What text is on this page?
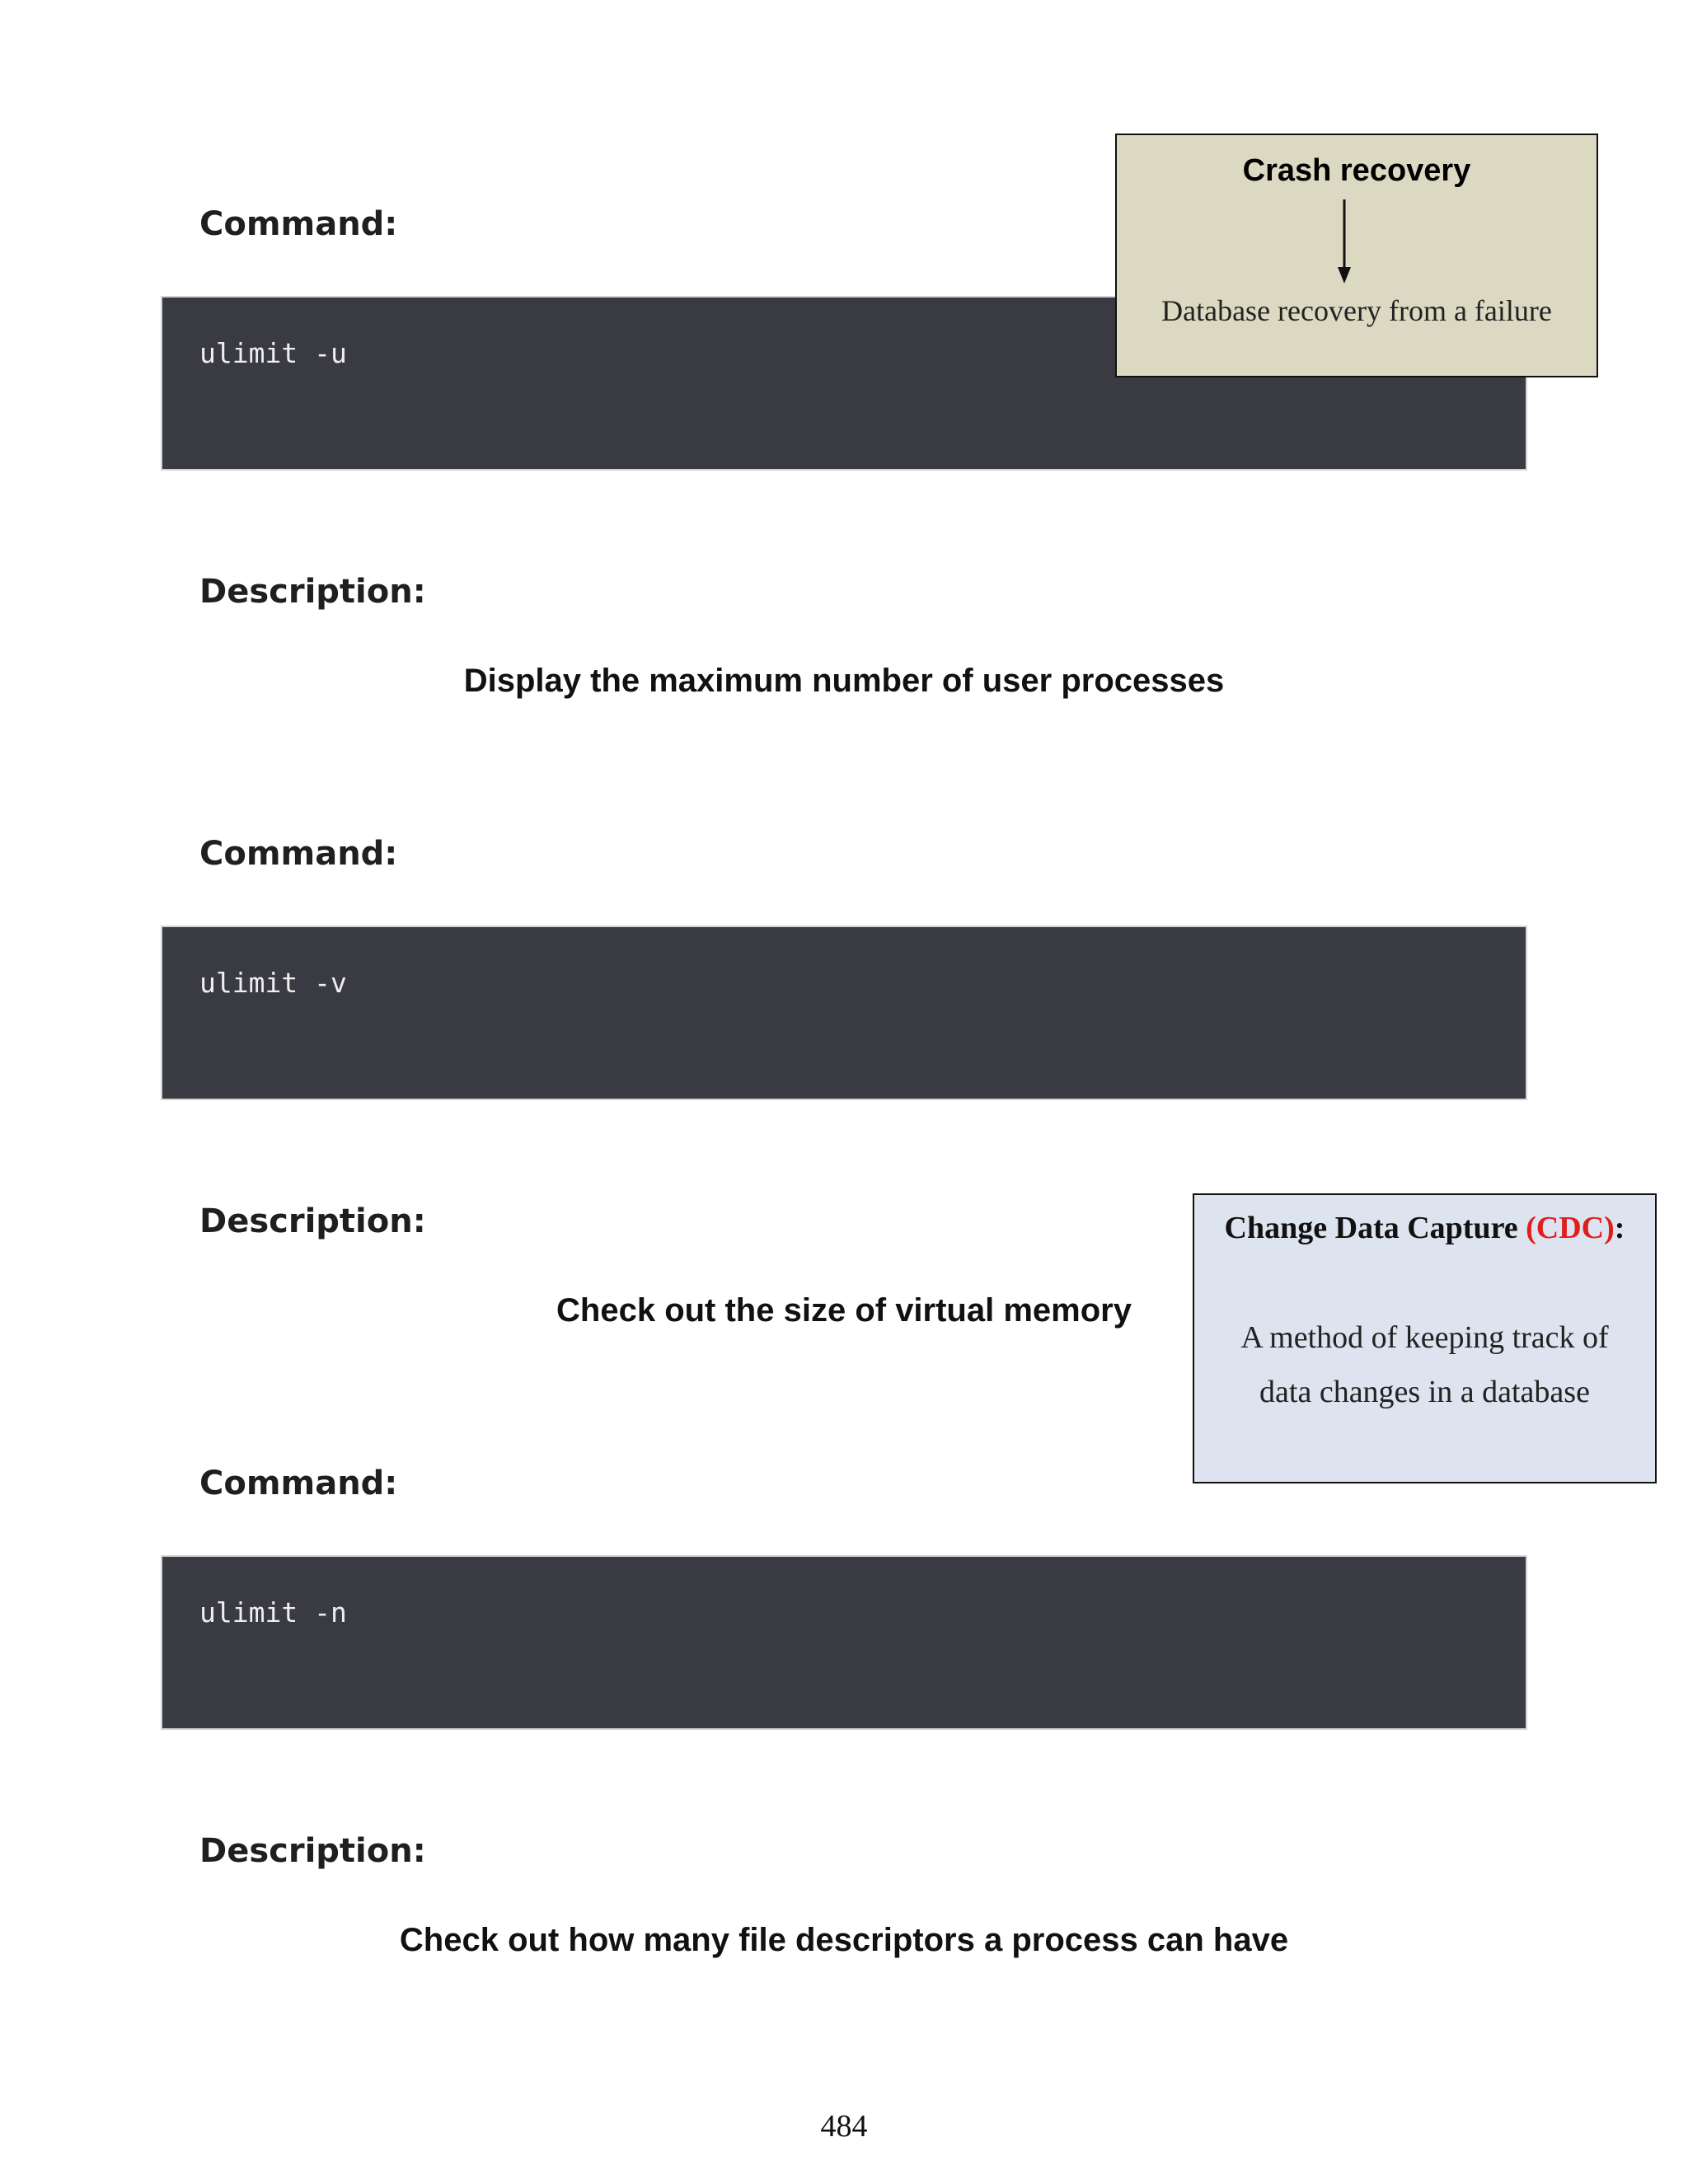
Command:
ulimit -u
Description:
Display the maximum number of user processes
Command:
ulimit -v
Description:
Check out the size of virtual memory
Command:
ulimit -n
Description:
Check out how many file descriptors a process can have
Crash recovery
Database recovery from a failure
Change Data Capture (CDC):
A method of keeping track of
data changes in a database
484
